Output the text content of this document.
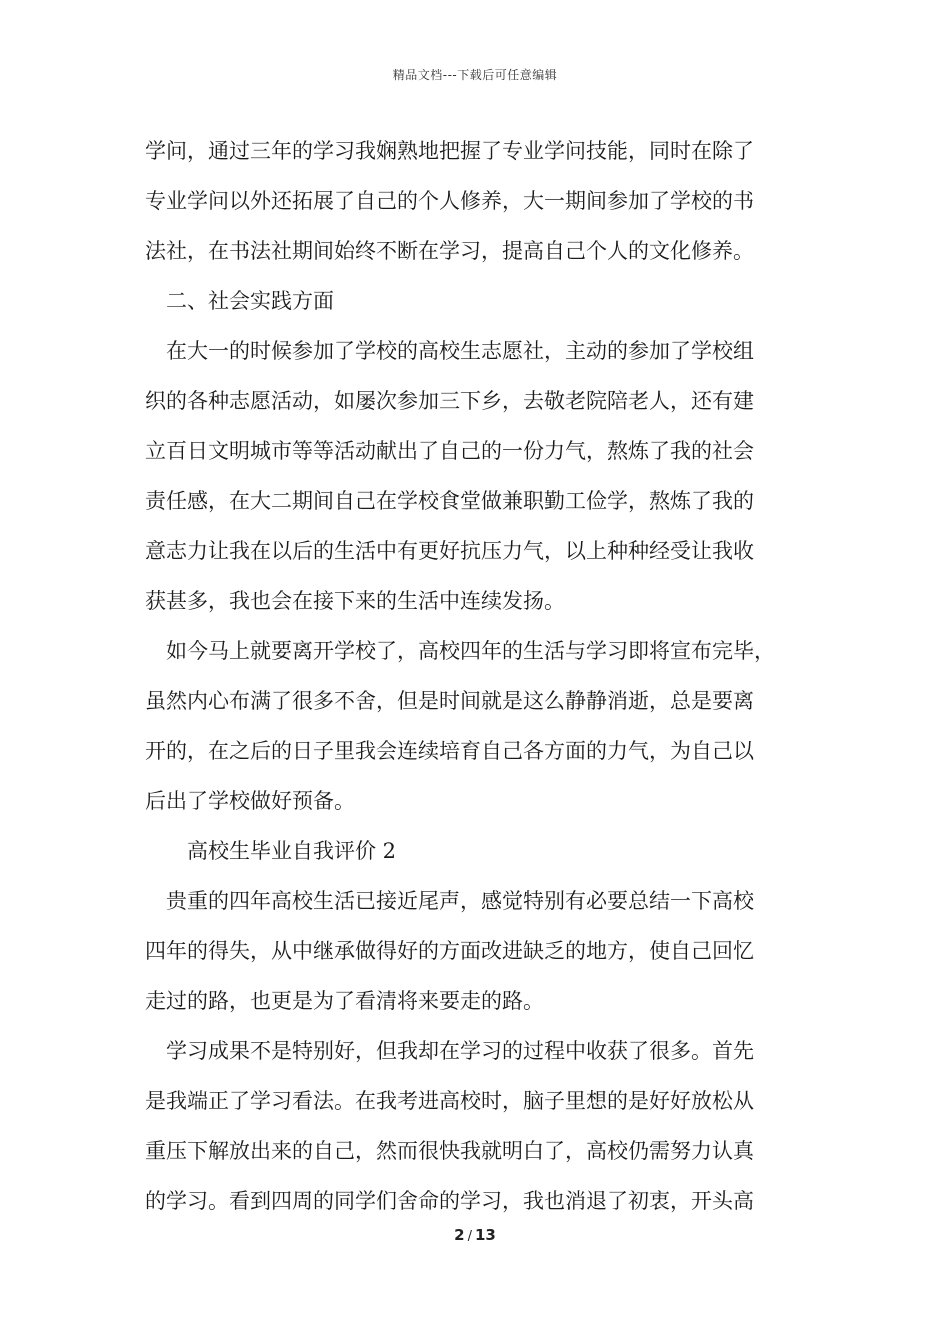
精品文档---下载后可任意编辑
学问，通过三年的学习我娴熟地把握了专业学问技能，同时在除了
专业学问以外还拓展了自己的个人修养，大一期间参加了学校的书
法社，在书法社期间始终不断在学习，提高自己个人的文化修养。
二、社会实践方面
在大一的时候参加了学校的高校生志愿社，主动的参加了学校组
织的各种志愿活动，如屡次参加三下乡，去敬老院陪老人，还有建
立百日文明城市等等活动献出了自己的一份力气，熬炼了我的社会
责任感，在大二期间自己在学校食堂做兼职勤工俭学，熬炼了我的
意志力让我在以后的生活中有更好抗压力气，以上种种经受让我收
获甚多，我也会在接下来的生活中连续发扬。
如今马上就要离开学校了，高校四年的生活与学习即将宣布完毕，
虽然内心布满了很多不舍，但是时间就是这么静静消逝，总是要离
开的，在之后的日子里我会连续培育自己各方面的力气，为自己以
后出了学校做好预备。
高校生毕业自我评价 2
贵重的四年高校生活已接近尾声，感觉特别有必要总结一下高校
四年的得失，从中继承做得好的方面改进缺乏的地方，使自己回忆
走过的路，也更是为了看清将来要走的路。
学习成果不是特别好，但我却在学习的过程中收获了很多。首先
是我端正了学习看法。在我考进高校时，脑子里想的是好好放松从
重压下解放出来的自己，然而很快我就明白了，高校仍需努力认真
的学习。看到四周的同学们舍命的学习，我也消退了初衷，开头高
2 / 13
